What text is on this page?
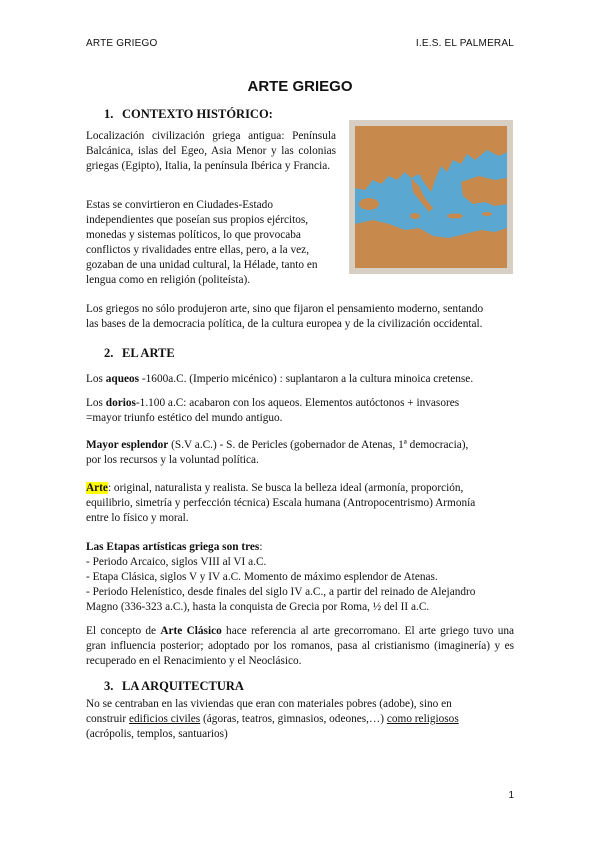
ARTE GRIEGO	I.E.S. EL PALMERAL
ARTE GRIEGO
1. CONTEXTO HISTÓRICO:

Localización civilización griega antigua: Península Balcánica, islas del Egeo, Asia Menor y las colonias griegas (Egipto), Italia, la península Ibérica y Francia.

Estas se convirtieron en Ciudades-Estado
independientes que poseían sus propios ejércitos,
monedas y sistemas políticos, lo que provocaba
conflictos y rivalidades entre ellas, pero, a la vez,
gozaban de una unidad cultural, la Hélade, tanto en
lengua como en religión (politeísta).
Los griegos no sólo produjeron arte, sino que fijaron el pensamiento moderno, sentando
las bases de la democracia política, de la cultura europea y de la civilización occidental.
2. EL ARTE
Los aqueos -1600a.C. (Imperio micénico) : suplantaron a la cultura minoica cretense.
Los dorios-1.100 a.C: acabaron con los aqueos. Elementos autóctonos + invasores
=mayor triunfo estético del mundo antiguo.
Mayor esplendor (S.V a.C.) - S. de Pericles (gobernador de Atenas, 1ª democracia),
por los recursos y la voluntad política.
Arte: original, naturalista y realista. Se busca la belleza ideal (armonía, proporción,
equilibrio, simetría y perfección técnica) Escala humana (Antropocentrismo) Armonía
entre lo físico y moral.
Las Etapas artísticas griega son tres:
- Periodo Arcaico, siglos VIII al VI a.C.
- Etapa Clásica, siglos V y IV a.C. Momento de máximo esplendor de Atenas.
- Periodo Helenístico, desde finales del siglo IV a.C., a partir del reinado de Alejandro
Magno (336-323 a.C.), hasta la conquista de Grecia por Roma, ½ del II a.C.

El concepto de Arte Clásico hace referencia al arte grecorromano. El arte griego tuvo una gran influencia posterior; adoptado por los romanos, pasa al cristianismo (imaginería) y es recuperado en el Renacimiento y el Neoclásico.

3. LA ARQUITECTURA
No se centraban en las viviendas que eran con materiales pobres (adobe), sino en
construir edificios civiles (ágoras, teatros, gimnasios, odeones,…) como religiosos
(acrópolis, templos, santuarios)
1
